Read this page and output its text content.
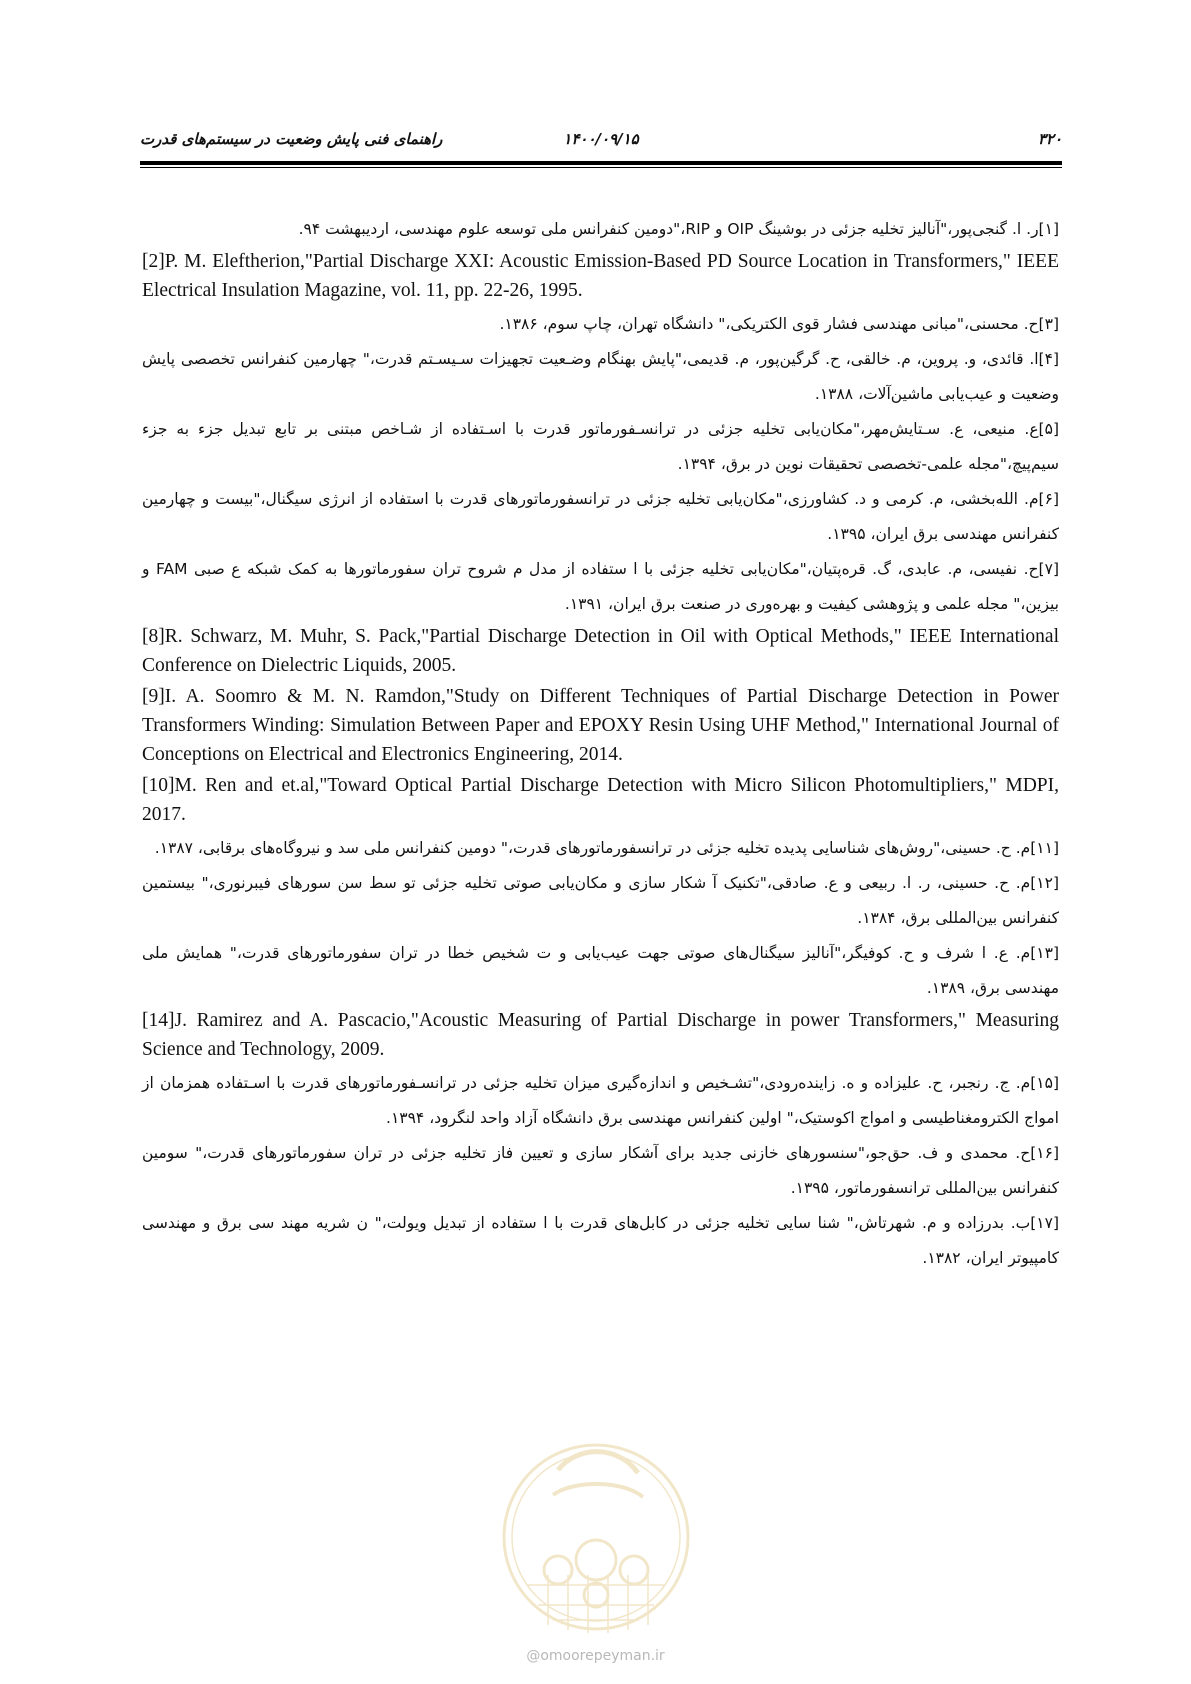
۳۲۰
۱۴۰۰/۰۹/۱۵
راهنمای فنی پایش وضعیت در سیستم‌های قدرت
[۱]ر. ا. گنجی‌پور،"آنالیز تخلیه جزئی در بوشینگ OIP و RIP،"دومین کنفرانس ملی توسعه علوم مهندسی، اردیبهشت ۹۴.
[2]P. M. Eleftherion,"Partial Discharge XXI: Acoustic Emission-Based PD Source Location in Transformers," IEEE Electrical Insulation Magazine, vol. 11, pp. 22-26, 1995.
[۳]ح. محسنی،"مبانی مهندسی فشار قوی الکتریکی،" دانشگاه تهران، چاپ سوم، ۱۳۸۶.
[۴]ا. قائدی، و. پروین، م. خالقی، ح. گرگین‌پور، م. قدیمی،"پایش بهنگام وضـعیت تجهیزات سـیسـتم قدرت،" چهارمین کنفرانس تخصصی پایش وضعیت و عیب‌یابی ماشین‌آلات، ۱۳۸۸.
[۵]ع. منیعی، ع. سـتایش‌مهر،"مکان‌یابی تخلیه جزئی در ترانسـفورماتور قدرت با اسـتفاده از شـاخص مبتنی بر تابع تبدیل جزء به جزء سیم‌پیچ،"مجله علمی-تخصصی تحقیقات نوین در برق، ۱۳۹۴.
[۶]م. الله‌بخشی، م. کرمی و د. کشاورزی،"مکان‌یابی تخلیه جزئی در ترانسفورماتورهای قدرت با استفاده از انرژی سیگنال،"بیست و چهارمین کنفرانس مهندسی برق ایران، ۱۳۹۵.
[۷]ح. نفیسی، م. عابدی، گ. قره‌پتیان،"مکان‌یابی تخلیه جزئی با ا ستفاده از مدل م شروح تران سفورماتورها به کمک شبکه ع صبی FAM و بیزین،" مجله علمی و پژوهشی کیفیت و بهره‌وری در صنعت برق ایران، ۱۳۹۱.
[8]R. Schwarz, M. Muhr, S. Pack,"Partial Discharge Detection in Oil with Optical Methods," IEEE International Conference on Dielectric Liquids, 2005.
[9]I. A. Soomro & M. N. Ramdon,"Study on Different Techniques of Partial Discharge Detection in Power Transformers Winding: Simulation Between Paper and EPOXY Resin Using UHF Method," International Journal of Conceptions on Electrical and Electronics Engineering, 2014.
[10]M. Ren and et.al,"Toward Optical Partial Discharge Detection with Micro Silicon Photomultipliers," MDPI, 2017.
[۱۱]م. ح. حسینی،"روش‌های شناسایی پدیده تخلیه جزئی در ترانسفورماتورهای قدرت،" دومین کنفرانس ملی سد و نیروگاه‌های برقابی، ۱۳۸۷.
[۱۲]م. ح. حسینی، ر. ا. ربیعی و ع. صادقی،"تکنیک آ شکار سازی و مکان‌یابی صوتی تخلیه جزئی تو سط سن سورهای فیبرنوری،" بیستمین کنفرانس بین‌المللی برق، ۱۳۸۴.
[۱۳]م. ع. ا شرف و ح. کوفیگر،"آنالیز سیگنال‌های صوتی جهت عیب‌یابی و ت شخیص خطا در تران سفورماتورهای قدرت،" همایش ملی مهندسی برق، ۱۳۸۹.
[14]J. Ramirez and A. Pascacio,"Acoustic Measuring of Partial Discharge in power Transformers," Measuring Science and Technology, 2009.
[۱۵]م. ج. رنجبر، ح. علیزاده و ه. زاینده‌رودی،"تشـخیص و اندازه‌گیری میزان تخلیه جزئی در ترانسـفورماتورهای قدرت با اسـتفاده همزمان از امواج الکترومغناطیسی و امواج اکوستیک،" اولین کنفرانس مهندسی برق دانشگاه آزاد واحد لنگرود، ۱۳۹۴.
[۱۶]ح. محمدی و ف. حق‌جو،"سنسورهای خازنی جدید برای آشکار سازی و تعیین فاز تخلیه جزئی در تران سفورماتورهای قدرت،" سومین کنفرانس بین‌المللی ترانسفورماتور، ۱۳۹۵.
[۱۷]ب. بدرزاده و م. شهرتاش،" شنا سایی تخلیه جزئی در کابل‌های قدرت با ا ستفاده از تبدیل ویولت،" ن شریه مهند سی برق و مهندسی کامپیوتر ایران، ۱۳۸۲.
@omoorepeyman.ir
